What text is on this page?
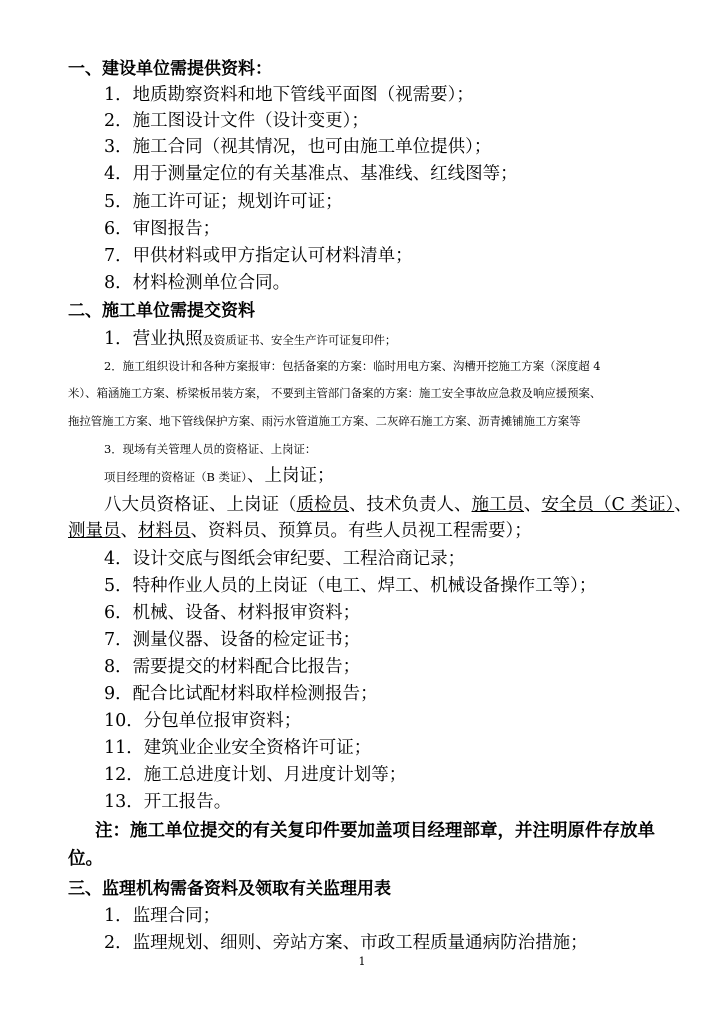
一、建设单位需提供资料：
1．地质勘察资料和地下管线平面图（视需要）；
2．施工图设计文件（设计变更）；
3．施工合同（视其情况，也可由施工单位提供）；
4．用于测量定位的有关基准点、基准线、红线图等；
5．施工许可证；规划许可证；
6．审图报告；
7．甲供材料或甲方指定认可材料清单；
8．材料检测单位合同。
二、施工单位需提交资料
1．营业执照及资质证书、安全生产许可证复印件；
2．施工组织设计和各种方案报审：包括备案的方案：临时用电方案、沟槽开挖施工方案（深度超 4
米）、箱涵施工方案、桥梁板吊装方案， 不要到主管部门备案的方案：施工安全事故应急救及响应援预案、
拖拉管施工方案、地下管线保护方案、雨污水管道施工方案、二灰碎石施工方案、沥青摊铺施工方案等
3．现场有关管理人员的资格证、上岗证：
项目经理的资格证（B 类证）、上岗证；
八大员资格证、上岗证（质检员、技术负责人、施工员、安全员（C 类证）、
测量员、材料员、资料员、预算员。有些人员视工程需要）；
4．设计交底与图纸会审纪要、工程洽商记录；
5．特种作业人员的上岗证（电工、焊工、机械设备操作工等）；
6．机械、设备、材料报审资料；
7．测量仪器、设备的检定证书；
8．需要提交的材料配合比报告；
9．配合比试配材料取样检测报告；
10．分包单位报审资料；
11．建筑业企业安全资格许可证；
12．施工总进度计划、月进度计划等；
13．开工报告。
注：施工单位提交的有关复印件要加盖项目经理部章，并注明原件存放单
位。
三、监理机构需备资料及领取有关监理用表
1．监理合同；
2．监理规划、细则、旁站方案、市政工程质量通病防治措施；
1
